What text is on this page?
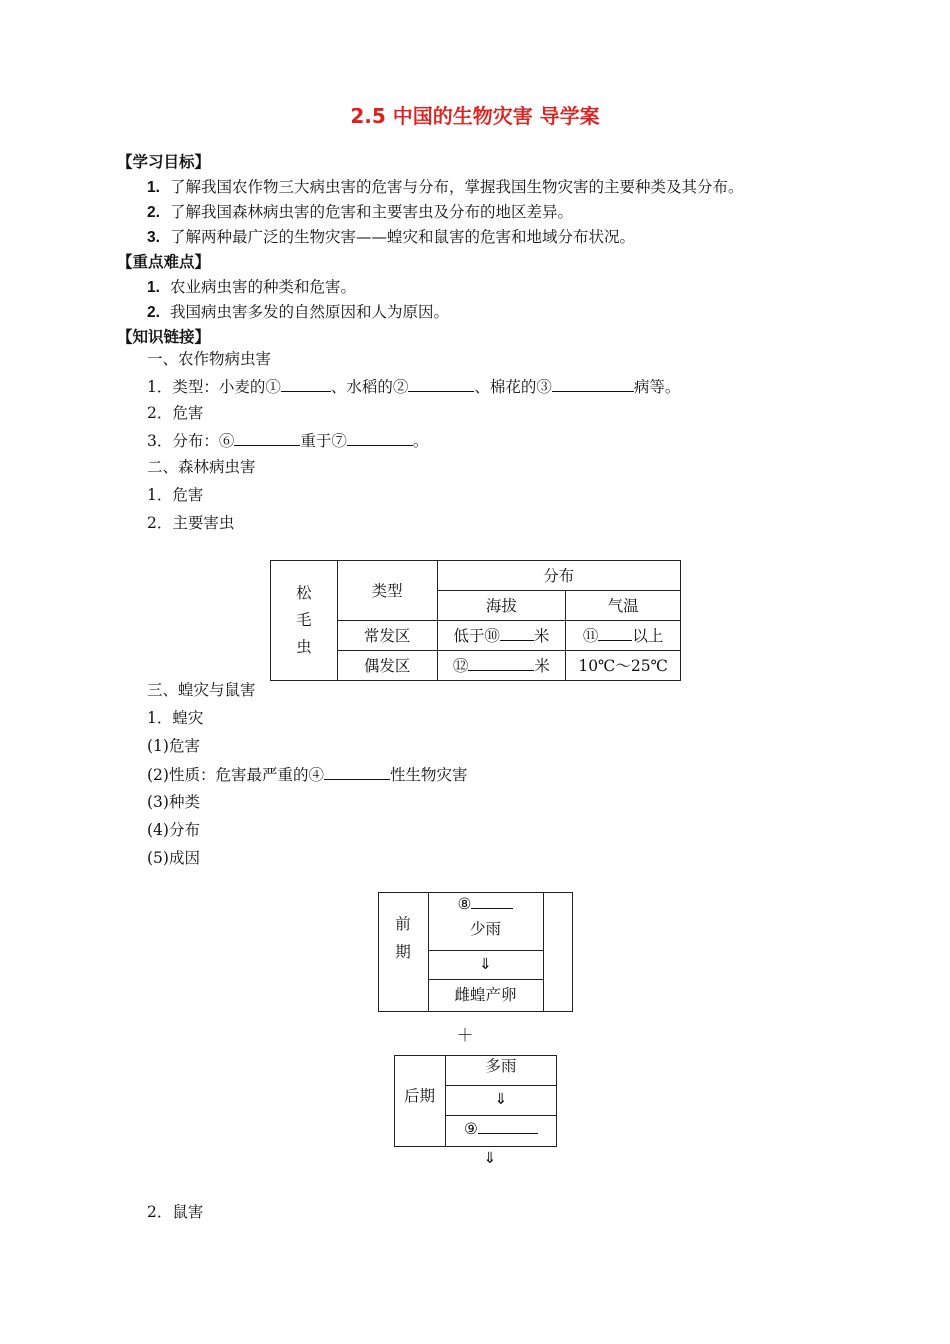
2.5 中国的生物灾害 导学案
【学习目标】
1. 了解我国农作物三大病虫害的危害与分布，掌握我国生物灾害的主要种类及其分布。
2. 了解我国森林病虫害的危害和主要害虫及分布的地区差异。
3. 了解两种最广泛的生物灾害——蝗灾和鼠害的危害和地域分布状况。
【重点难点】
1. 农业病虫害的种类和危害。
2. 我国病虫害多发的自然原因和人为原因。
【知识链接】
一、农作物病虫害
1．类型：小麦的①	、水稻的②	、棉花的③	病等。
2．危害
3．分布：⑥	重于⑦	。
二、森林病虫害
1．危害
2．主要害虫
松毛虫	类型	分布	
		海拔	气温
	常发区	低于⑩ 米	⑪ 以上
	偶发区	⑫ 米	10℃～25℃
三、蝗灾与鼠害
1．蝗灾
(1)危害
(2)性质：危害最严重的④	性生物灾害
(3)种类
(4)分布
(5)成因
前期
⑧
少雨
⇓
雌蝗产卵
＋
后期
多雨
⇓
⑨
⇓
2．鼠害
